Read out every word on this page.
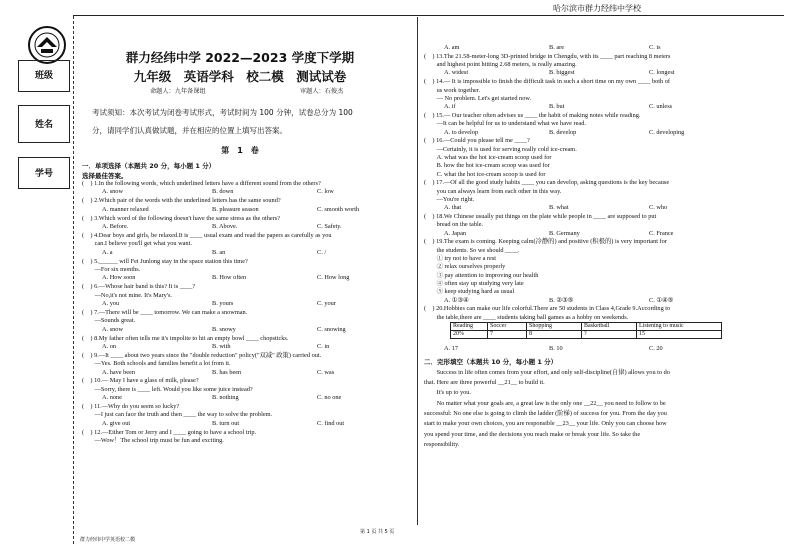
哈尔滨市群力经纬中学校
班级
姓名
学号
群力经纬中学 2022—2023 学度下学期
九年级　英语学科　校二模　测试试卷
命题人：九年备课组	审题人：石俊杰
考试须知：本次考试为闭卷考试形式，考试时间为 100 分钟，试卷总分为 100
分，请同学们认真做试题，并在相应的位置上填写出答案。
第　1　卷
一．单项选择（本题共 20 分，每小题 1 分）
选择最佳答案。
(　) 1.In the following words, which underlined letters have a different sound from the others?
A. snow	B. down	C. low
(　) 2.Which pair of the words with the underlined letters has the same sound?
A. manner relaxed	B. pleasure season	C. smooth worth
(　) 3.Which word of the following doesn't have the same stress as the others?
A. Before.	B. Above.	C. Safety.
(　) 4.Dear boys and girls, be relaxed.It is ____ usual exam and read the papers as carefully as you
　　can.I believe you'll get what you want.
A. a	B. an	C. /
(　) 5.______ will Fei Junlong stay in the space station this time?
　　—For six months.
A. How soon	B. How often	C. How long
(　) 6.—Whose hair band is this? It is ____?
　　—No,it's not mine. It's Mary's.
A. you	B. yours	C. your
(　) 7.—There will be ____ tomorrow. We can make a snowman.
　　—Sounds great.
A. snow	B. snowy	C. snowing
(　) 8.My father often tells me it's impolite to hit an empty bowl ____ chopsticks.
A. on	B. with	C. in
(　) 9.—It ____ about two years since the "double reduction" policy("双减" 政策) carried out.
　　—Yes. Both schools and families benefit a lot from it.
A. have been	B. has been	C. was
(　) 10.— May I have a glass of milk, please?
　　—Sorry, there is ____ left. Would you like some juice instead?
A. none	B. nothing	C. no one
(　) 11.—Why do you seem so lucky?
　　—I just can face the truth and then ____ the way to solve the problem.
A. give out	B. turn out	C. find out
(　) 12.—Either Tom or Jerry and I ____ going to have a school trip.
　　—Wow！The school trip must be fun and exciting.
A. am	B. are	C. is
(　) 13.The 21.58-meter-long 3D-printed bridge in Chengdu, with its ____ part reaching 8 meters
　　and highest point hitting 2.68 meters, is really amazing.
A. widest	B. biggest	C. longest
(　) 14.— It is impossible to finish the difficult task in such a short time on my own ____ both of
　　us work together.
　　— No problem. Let's get started now.
A. if	B. but	C. unless
(　) 15.— Our teacher often advises us ____ the habit of making notes while reading.
　　—It can be helpful for us to understand what we have read.
A. to develop	B. develop	C. developing
(　) 16.—Could you please tell me ____?
　　—Certainly, it is used for serving really cold ice-cream.
　　A. what was the hot ice-cream scoop used for
　　B. how the hot ice-cream scoop was used for
　　C. what the hot ice-cream scoop is used for
(　) 17.—Of all the good study habits ____ you can develop, asking questions is the key because
　　you can always learn from each other in this way.
　　—You're right.
A. that	B. what	C. who
(　) 18.We Chinese usually put things on the plate while people in ____ are supposed to put
　　bread on the table.
A. Japan	B. Germany	C. France
(　) 19.The exam is coming. Keeping calm(冷静的) and positive (积极的) is very important for
　　the students. So we should ____.
　　① try not to have a rest
　　② relax ourselves properly
　　③ pay attention to improving our health
　　④ often stay up studying very late
　　⑤ keep studying hard as usual
A. ①③④	B. ②③⑤	C. ①④⑤
(　) 20.Hobbies can make our life colorful.There are 50 students in Class 4,Grade 9.According to
　　the table,there are ____ students taking ball games as a hobby on weekends.
Reading	Soccer	Shopping	Basketball	Listening to music
20%	7	8	?	15
A. 17	B. 10	C. 20
二．完形填空（本题共 10 分，每小题 1 分）
　　Success in life often comes from your effort, and only self-discipline(自律) allows you to do
that. Here are three powerful __21__ to build it.
　　It's up to you.
　　No matter what your goals are, a great law is the only one __22__ you need to follow to be
successful: No one else is going to climb the ladder (阶梯) of success for you. From the day you
start to make your own choices, you are responsible __23__ your life. Only you can choose how
you spend your time, and the decisions you reach make or break your life. So take the
responsibility.
群力经纬中学英语校二模
第 1 页 共 5 页
